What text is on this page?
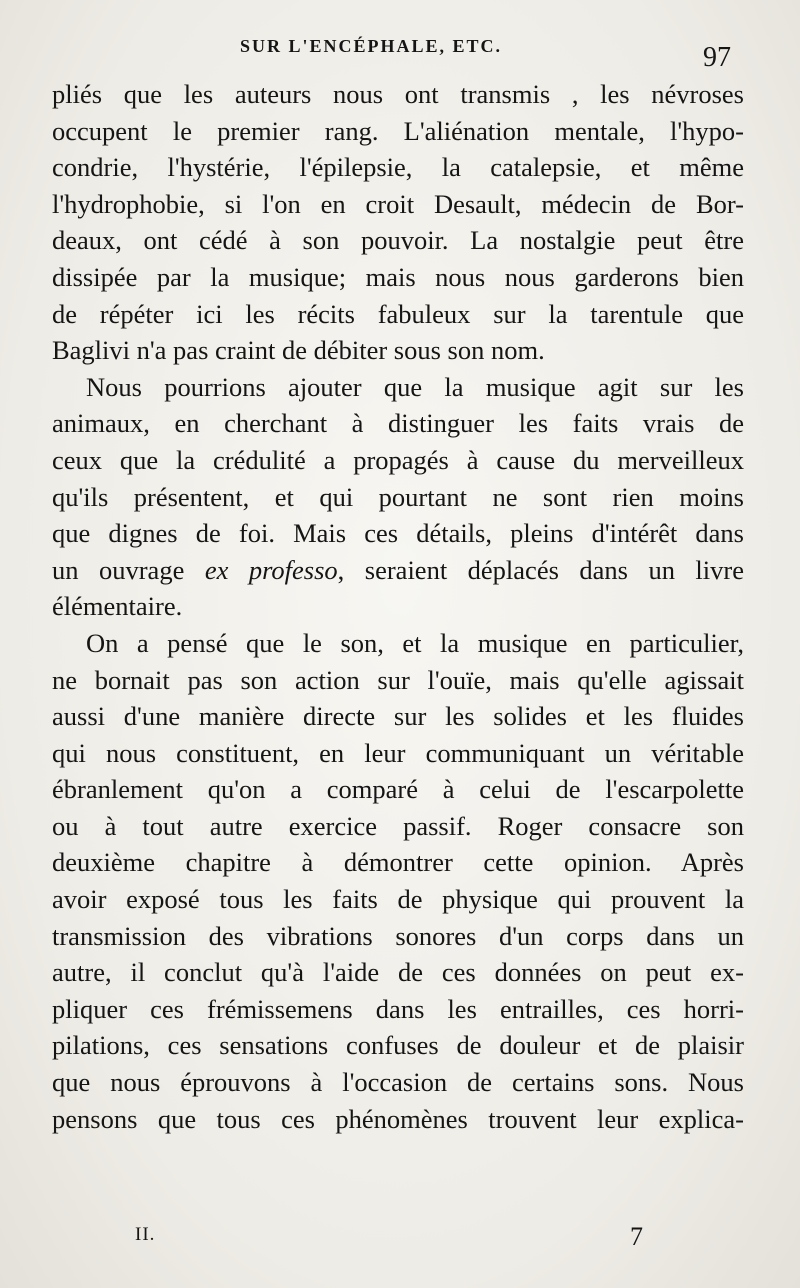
SUR L'ENCÉPHALE, ETC.	97
pliés que les auteurs nous ont transmis , les névroses
occupent le premier rang. L'aliénation mentale, l'hypo-
condrie, l'hystérie, l'épilepsie, la catalepsie, et même
l'hydrophobie, si l'on en croit Desault, médecin de Bor-
deaux, ont cédé à son pouvoir. La nostalgie peut être
dissipée par la musique; mais nous nous garderons bien
de répéter ici les récits fabuleux sur la tarentule que
Baglivi n'a pas craint de débiter sous son nom.
Nous pourrions ajouter que la musique agit sur les
animaux, en cherchant à distinguer les faits vrais de
ceux que la crédulité a propagés à cause du merveilleux
qu'ils présentent, et qui pourtant ne sont rien moins
que dignes de foi. Mais ces détails, pleins d'intérêt dans
un ouvrage ex professo, seraient déplacés dans un livre
élémentaire.
On a pensé que le son, et la musique en particulier,
ne bornait pas son action sur l'ouïe, mais qu'elle agissait
aussi d'une manière directe sur les solides et les fluides
qui nous constituent, en leur communiquant un véritable
ébranlement qu'on a comparé à celui de l'escarpolette
ou à tout autre exercice passif. Roger consacre son
deuxième chapitre à démontrer cette opinion. Après
avoir exposé tous les faits de physique qui prouvent la
transmission des vibrations sonores d'un corps dans un
autre, il conclut qu'à l'aide de ces données on peut ex-
pliquer ces frémissemens dans les entrailles, ces horri-
pilations, ces sensations confuses de douleur et de plaisir
que nous éprouvons à l'occasion de certains sons. Nous
pensons que tous ces phénomènes trouvent leur explica-
II.	7
